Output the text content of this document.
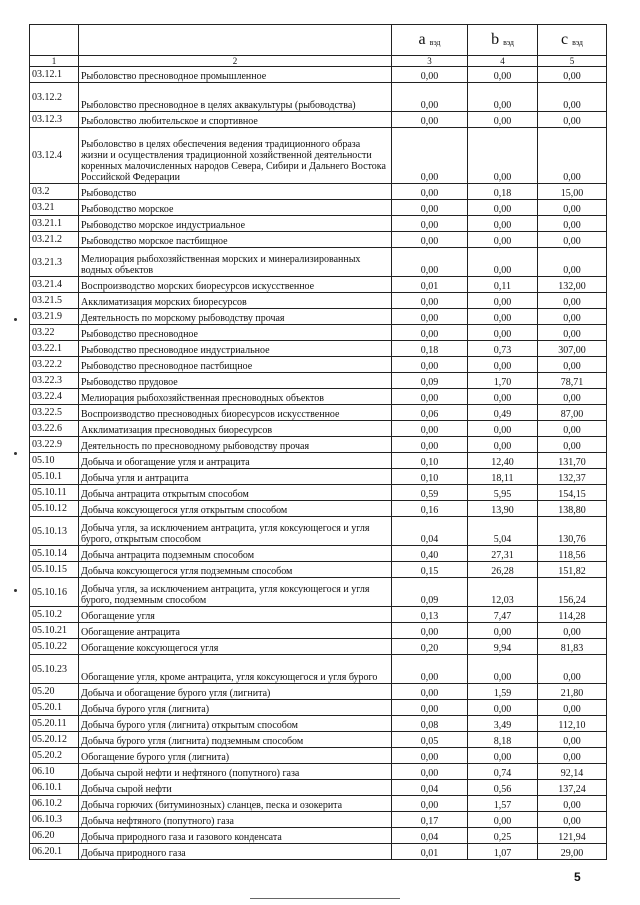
		a $_{вэд}$	b $_{вэд}$	c $_{вэд}$
1	2	3	4	5
03.12.1	Рыболовство пресноводное промышленное	0,00	0,00	0,00
03.12.2	Рыболовство пресноводное в целях аквакультуры (рыбоводства)	0,00	0,00	0,00
03.12.3	Рыболовство любительское и спортивное	0,00	0,00	0,00
03.12.4	Рыболовство в целях обеспечения ведения традиционного образа жизни и осуществления традиционной хозяйственной деятельности коренных малочисленных народов Севера, Сибири и Дальнего Востока Российской Федерации	0,00	0,00	0,00
03.2	Рыбоводство	0,00	0,18	15,00
03.21	Рыбоводство морское	0,00	0,00	0,00
03.21.1	Рыбоводство морское индустриальное	0,00	0,00	0,00
03.21.2	Рыбоводство морское пастбищное	0,00	0,00	0,00
03.21.3	Мелиорация рыбохозяйственная морских и минерализированных водных объектов	0,00	0,00	0,00
03.21.4	Воспроизводство морских биоресурсов искусственное	0,01	0,11	132,00
03.21.5	Акклиматизация морских биоресурсов	0,00	0,00	0,00
03.21.9	Деятельность по морскому рыбоводству прочая	0,00	0,00	0,00
03.22	Рыбоводство пресноводное	0,00	0,00	0,00
03.22.1	Рыбоводство пресноводное индустриальное	0,18	0,73	307,00
03.22.2	Рыбоводство пресноводное пастбищное	0,00	0,00	0,00
03.22.3	Рыбоводство прудовое	0,09	1,70	78,71
03.22.4	Мелиорация рыбохозяйственная пресноводных объектов	0,00	0,00	0,00
03.22.5	Воспроизводство пресноводных биоресурсов искусственное	0,06	0,49	87,00
03.22.6	Акклиматизация пресноводных биоресурсов	0,00	0,00	0,00
03.22.9	Деятельность по пресноводному рыбоводству прочая	0,00	0,00	0,00
05.10	Добыча и обогащение угля и антрацита	0,10	12,40	131,70
05.10.1	Добыча угля и антрацита	0,10	18,11	132,37
05.10.11	Добыча антрацита открытым способом	0,59	5,95	154,15
05.10.12	Добыча коксующегося угля открытым способом	0,16	13,90	138,80
05.10.13	Добыча угля, за исключением антрацита, угля коксующегося и угля бурого, открытым способом	0,04	5,04	130,76
05.10.14	Добыча антрацита подземным способом	0,40	27,31	118,56
05.10.15	Добыча коксующегося угля подземным способом	0,15	26,28	151,82
05.10.16	Добыча угля, за исключением антрацита, угля коксующегося и угля бурого, подземным способом	0,09	12,03	156,24
05.10.2	Обогащение угля	0,13	7,47	114,28
05.10.21	Обогащение антрацита	0,00	0,00	0,00
05.10.22	Обогащение коксующегося угля	0,20	9,94	81,83
05.10.23	Обогащение угля, кроме антрацита, угля коксующегося и угля бурого	0,00	0,00	0,00
05.20	Добыча и обогащение бурого угля (лигнита)	0,00	1,59	21,80
05.20.1	Добыча бурого угля (лигнита)	0,00	0,00	0,00
05.20.11	Добыча бурого угля (лигнита) открытым способом	0,08	3,49	112,10
05.20.12	Добыча бурого угля (лигнита) подземным способом	0,05	8,18	0,00
05.20.2	Обогащение бурого угля (лигнита)	0,00	0,00	0,00
06.10	Добыча сырой нефти и нефтяного (попутного) газа	0,00	0,74	92,14
06.10.1	Добыча сырой нефти	0,04	0,56	137,24
06.10.2	Добыча горючих (битуминозных) сланцев, песка и озокерита	0,00	1,57	0,00
06.10.3	Добыча нефтяного (попутного) газа	0,17	0,00	0,00
06.20	Добыча природного газа и газового конденсата	0,04	0,25	121,94
06.20.1	Добыча природного газа	0,01	1,07	29,00
5
